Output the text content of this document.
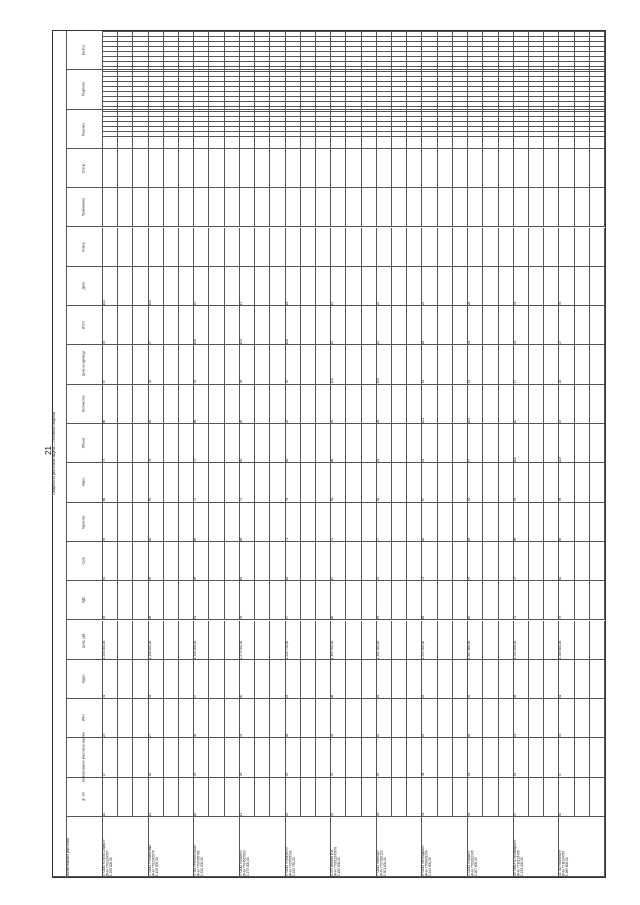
21 Сведения об участниках закупки — Основные сведения
№ п/п
Наименование участника закупки
ИНН
Адрес
Цена, руб.
НДС
Срок
Гарантия
Аванс
Объем
Количество
Цена за единицу
Итого
Дата
Номер
Примечание
Статус
Решение
Результат
Баллы
Наименование участника	1  ООО «Строй-Сервис»
ИНН 7701234567
1 250 000,00
10
17
24
31
1 250 000,00
45
52
59
66
73
80
87
94
101
2  ООО «Техмонтаж»
ИНН 7702345678
1 198 500,00
13
20
27
34
1 198 500,00
48
55
62
69
76
83
90
97
104
3  АО «Регионстрой»
ИНН 7703456789
1 310 200,00
16
23
30
37
1 310 200,00
51
58
65
72
79
86
93
100
10
4  ООО «Альянс»
ИНН 7704567890
1 275 000,00
19
26
33
40
1 275 000,00
54
61
68
75
82
89
96
103
13
5  ООО «Прогресс»
ИНН 7705678901
1 220 750,00
22
29
36
43
1 220 750,00
57
64
71
78
85
92
99
106
16
6  ИП Иванов И.И.
ИНН 770612345678
1 189 900,00
25
32
39
46
1 189 900,00
60
67
74
81
88
95
102
12
19
7  ООО «Вектор»
ИНН 7707890123
1 301 000,00
28
35
42
49
1 301 000,00
63
70
77
84
91
98
105
15
22
8  ООО «Меридиан»
ИНН 7708901234
1 244 300,00
31
38
45
52
1 244 300,00
66
73
80
87
94
101
11
18
25
9  ООО «Гарант»
ИНН 7709012345
1 267 800,00
34
41
48
55
1 267 800,00
69
76
83
90
97
104
14
21
28
10  ООО «Строймаркет»
ИНН 7710123456
1 233 400,00
37
44
51
58
1 233 400,00
72
79
86
93
100
10
17
24
31
11  АО «Капитал»
ИНН 7711234567
1 285 600,00
40
47
54
61
1 285 600,00
75
82
89
96
103
13
20
27
34
